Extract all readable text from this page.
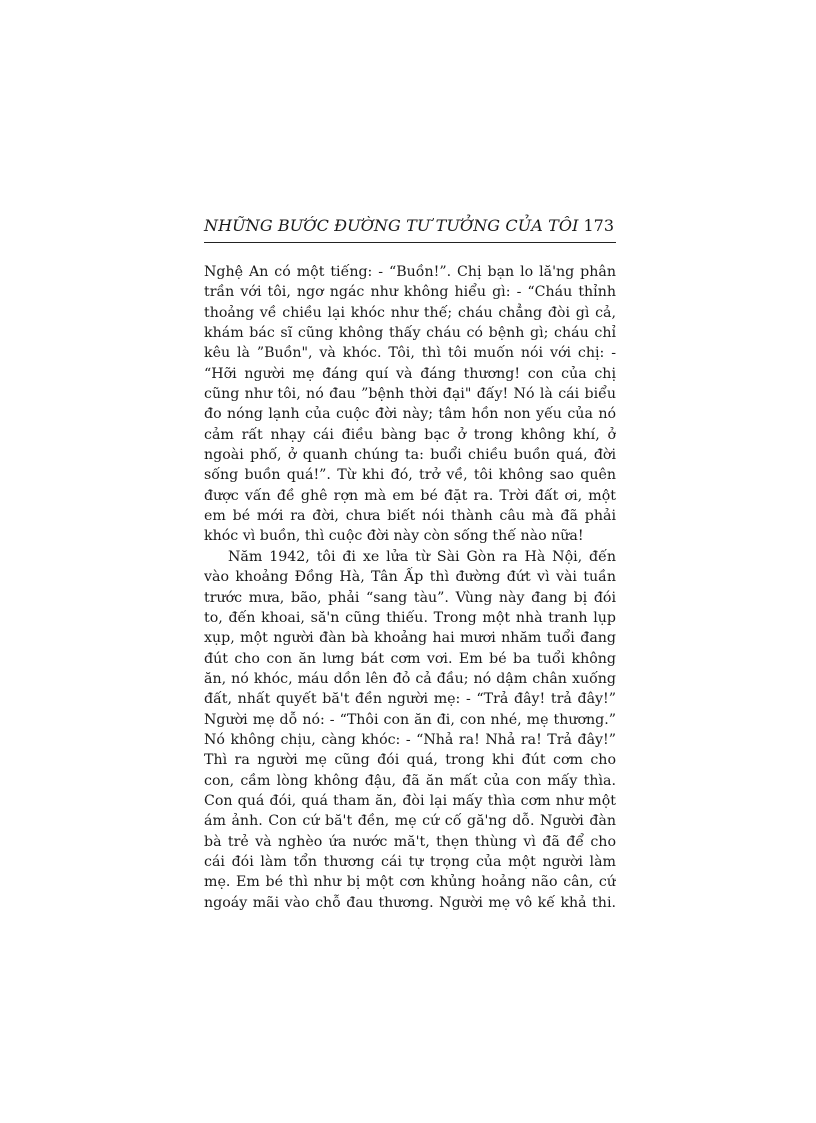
NHỮNG BƯỚC ĐƯỜNG TƯ TƯỞNG CỦA TÔI 173
Nghệ An có một tiếng: - “Buồn!”. Chị bạn lo lă'ng phân
trần với tôi, ngơ ngác như không hiểu gì: - “Cháu thỉnh
thoảng về chiều lại khóc như thế; cháu chẳng đòi gì cả,
khám bác sĩ cũng không thấy cháu có bệnh gì; cháu chỉ
kêu là ”Buồn", và khóc. Tôi, thì tôi muốn nói với chị: -
“Hỡi người mẹ đáng quí và đáng thương! con của chị
cũng như tôi, nó đau ”bệnh thời đại" đấy! Nó là cái biểu
đo nóng lạnh của cuộc đời này; tâm hồn non yếu của nó
cảm rất nhạy cái điều bàng bạc ở trong không khí, ở
ngoài phố, ở quanh chúng ta: buổi chiều buồn quá, đời
sống buồn quá!”. Từ khi đó, trở về, tôi không sao quên
được vấn đề ghê rợn mà em bé đặt ra. Trời đất ơi, một
em bé mới ra đời, chưa biết nói thành câu mà đã phải
khóc vì buồn, thì cuộc đời này còn sống thế nào nữa!
Năm 1942, tôi đi xe lửa từ Sài Gòn ra Hà Nội, đến
vào khoảng Đồng Hà, Tân Ấp thì đường đứt vì vài tuần
trước mưa, bão, phải “sang tàu”. Vùng này đang bị đói
to, đến khoai, să'n cũng thiếu. Trong một nhà tranh lụp
xụp, một người đàn bà khoảng hai mươi nhăm tuổi đang
đút cho con ăn lưng bát cơm vơi. Em bé ba tuổi không
ăn, nó khóc, máu dồn lên đỏ cả đầu; nó dậm chân xuống
đất, nhất quyết bă't đền người mẹ: - “Trả đây! trả đây!”
Người mẹ dỗ nó: - “Thôi con ăn đi, con nhé, mẹ thương.”
Nó không chịu, càng khóc: - “Nhả ra! Nhả ra! Trả đây!”
Thì ra người mẹ cũng đói quá, trong khi đút cơm cho
con, cầm lòng không đậu, đã ăn mất của con mấy thìa.
Con quá đói, quá tham ăn, đòi lại mấy thìa cơm như một
ám ảnh. Con cứ bă't đền, mẹ cứ cố gă'ng dỗ. Người đàn
bà trẻ và nghèo ứa nước mă't, thẹn thùng vì đã để cho
cái đói làm tổn thương cái tự trọng của một người làm
mẹ. Em bé thì như bị một cơn khủng hoảng não cân, cứ
ngoáy mãi vào chỗ đau thương. Người mẹ vô kế khả thi.
